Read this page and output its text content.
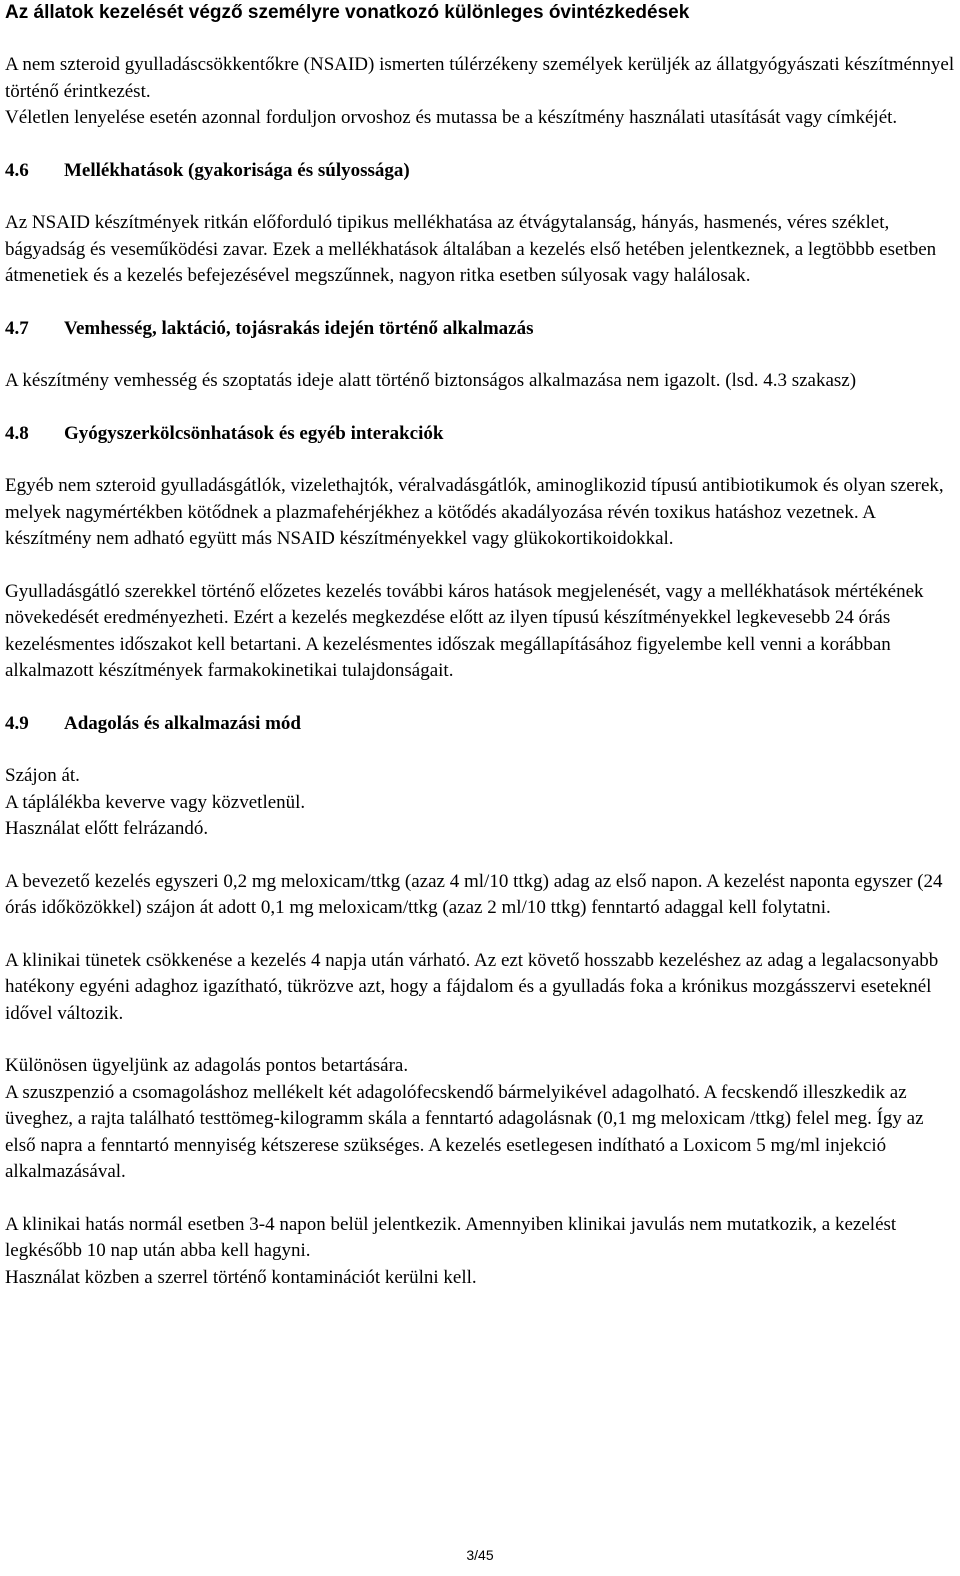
Az állatok kezelését végző személyre vonatkozó különleges óvintézkedések

A nem szteroid gyulladáscsökkentőkre (NSAID) ismerten túlérzékeny személyek kerüljék az állatgyógyászati készítménnyel történő érintkezést.

Véletlen lenyelése esetén azonnal forduljon orvoshoz és mutassa be a készítmény használati utasítását vagy címkéjét.

4.6	Mellékhatások (gyakorisága és súlyossága)

Az NSAID készítmények ritkán előforduló tipikus mellékhatása az étvágytalanság, hányás, hasmenés, véres széklet, bágyadság és veseműködési zavar. Ezek a mellékhatások általában a kezelés első hetében jelentkeznek, a legtöbbb esetben átmenetiek és a kezelés befejezésével megszűnnek, nagyon ritka esetben súlyosak vagy halálosak.

4.7	Vemhesség, laktáció, tojásrakás idején történő alkalmazás

A készítmény vemhesség és szoptatás ideje alatt történő biztonságos alkalmazása nem igazolt. (lsd. 4.3 szakasz)

4.8	Gyógyszerkölcsönhatások és egyéb interakciók

Egyéb nem szteroid gyulladásgátlók, vizelethajtók, véralvadásgátlók, aminoglikozid típusú antibiotikumok és olyan szerek, melyek nagymértékben kötődnek a plazmafehérjékhez a kötődés akadályozása révén toxikus hatáshoz vezetnek. A készítmény nem adható együtt más NSAID készítményekkel vagy glükokortikoidokkal.

Gyulladásgátló szerekkel történő előzetes kezelés további káros hatások megjelenését, vagy a mellékhatások mértékének növekedését eredményezheti. Ezért a kezelés megkezdése előtt az ilyen típusú készítményekkel legkevesebb 24 órás kezelésmentes időszakot kell betartani. A kezelésmentes időszak megállapításához figyelembe kell venni a korábban alkalmazott készítmények farmakokinetikai tulajdonságait.

4.9	Adagolás és alkalmazási mód

Szájon át.

A táplálékba keverve vagy közvetlenül.

Használat előtt felrázandó.

A bevezető kezelés egyszeri 0,2 mg meloxicam/ttkg (azaz 4 ml/10 ttkg) adag az első napon. A kezelést naponta egyszer (24 órás időközökkel) szájon át adott 0,1 mg meloxicam/ttkg (azaz 2 ml/10 ttkg) fenntartó adaggal kell folytatni.

A klinikai tünetek csökkenése a kezelés 4 napja után várható. Az ezt követő hosszabb kezeléshez az adag a legalacsonyabb hatékony egyéni adaghoz igazítható, tükrözve azt, hogy a fájdalom és a gyulladás foka a krónikus mozgásszervi eseteknél idővel változik.

Különösen ügyeljünk az adagolás pontos betartására.

A szuszpenzió a csomagoláshoz mellékelt két adagolófecskendő bármelyikével adagolható. A fecskendő illeszkedik az üveghez, a rajta található testtömeg-kilogramm skála a fenntartó adagolásnak (0,1 mg meloxicam /ttkg) felel meg. Így az első napra a fenntartó mennyiség kétszerese szükséges. A kezelés esetlegesen indítható a Loxicom 5 mg/ml injekció alkalmazásával.

A klinikai hatás normál esetben 3-4 napon belül jelentkezik. Amennyiben klinikai javulás nem mutatkozik, a kezelést legkésőbb 10 nap után abba kell hagyni.

Használat közben a szerrel történő kontaminációt kerülni kell.

3/45
